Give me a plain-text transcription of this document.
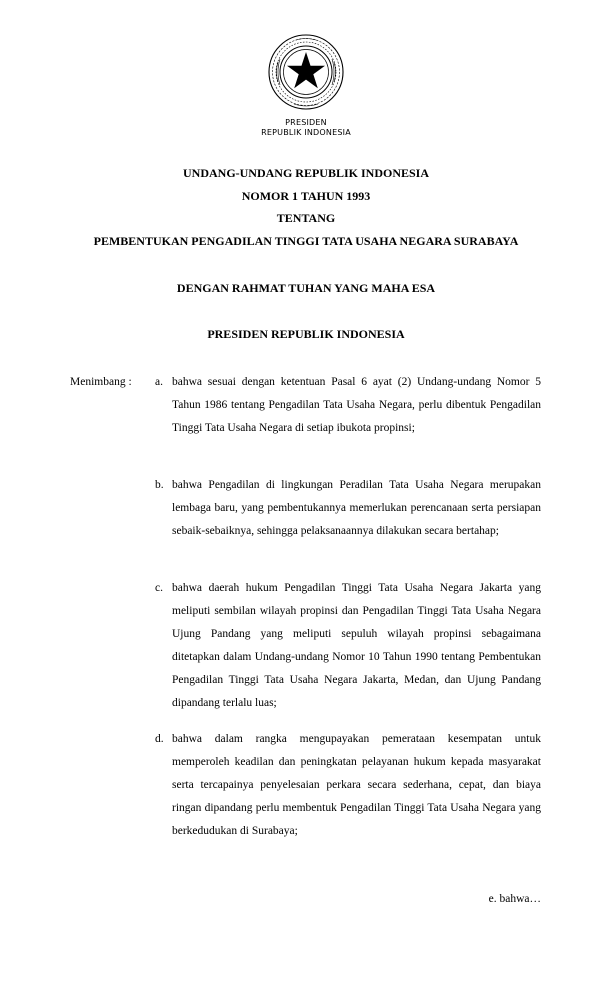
PRESIDEN
REPUBLIK INDONESIA
UNDANG-UNDANG REPUBLIK INDONESIA
NOMOR 1 TAHUN 1993
TENTANG
PEMBENTUKAN PENGADILAN TINGGI TATA USAHA NEGARA SURABAYA
DENGAN RAHMAT TUHAN YANG MAHA ESA
PRESIDEN REPUBLIK INDONESIA
Menimbang : a. bahwa sesuai dengan ketentuan Pasal 6 ayat (2) Undang-undang Nomor 5 Tahun 1986 tentang Pengadilan Tata Usaha Negara, perlu dibentuk Pengadilan Tinggi Tata Usaha Negara di setiap ibukota propinsi;
b. bahwa Pengadilan di lingkungan Peradilan Tata Usaha Negara merupakan lembaga baru, yang pembentukannya memerlukan perencanaan serta persiapan sebaik-sebaiknya, sehingga pelaksanaannya dilakukan secara bertahap;
c. bahwa daerah hukum Pengadilan Tinggi Tata Usaha Negara Jakarta yang meliputi sembilan wilayah propinsi dan Pengadilan Tinggi Tata Usaha Negara Ujung Pandang yang meliputi sepuluh wilayah propinsi sebagaimana ditetapkan dalam Undang-undang Nomor 10 Tahun 1990 tentang Pembentukan Pengadilan Tinggi Tata Usaha Negara Jakarta, Medan, dan Ujung Pandang dipandang terlalu luas;
d. bahwa dalam rangka mengupayakan pemerataan kesempatan untuk memperoleh keadilan dan peningkatan pelayanan hukum kepada masyarakat serta tercapainya penyelesaian perkara secara sederhana, cepat, dan biaya ringan dipandang perlu membentuk Pengadilan Tinggi Tata Usaha Negara yang berkedudukan di Surabaya;
e. bahwa…
